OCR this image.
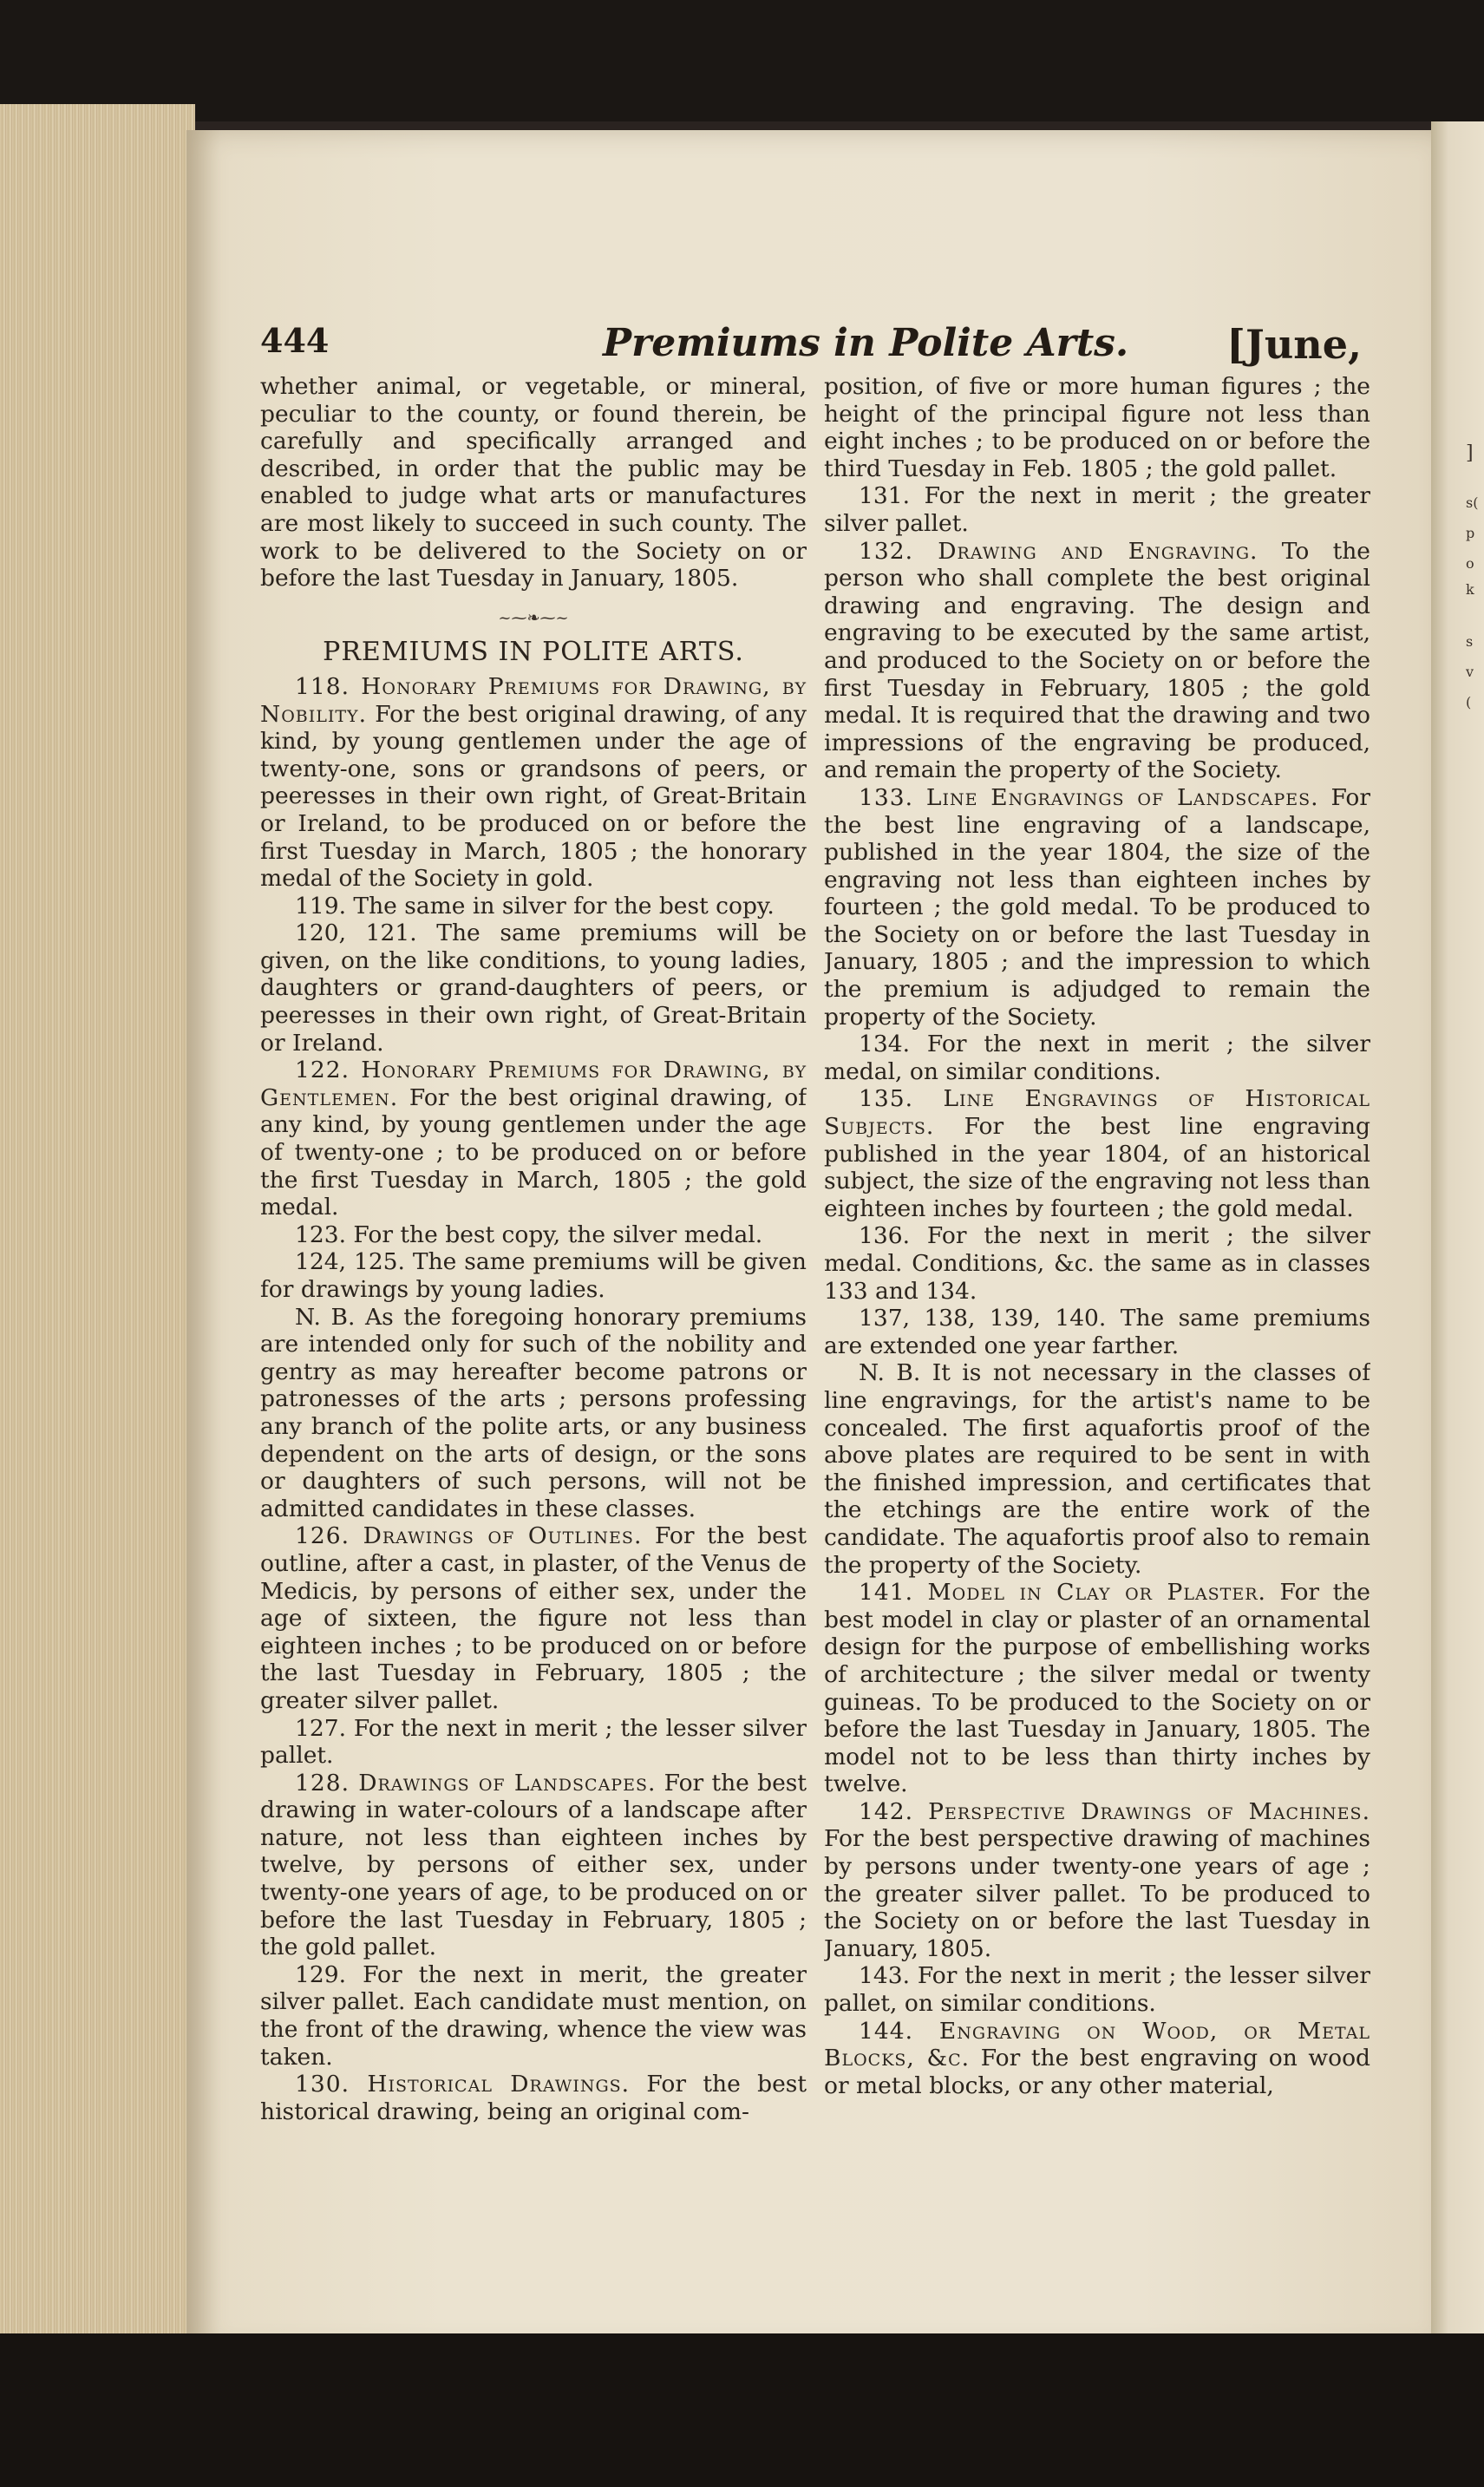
]
s(
p
o
k
s
v
(
444	Premiums in Polite Arts. [June,

whether animal, or vegetable, or mineral, peculiar to the county, or found therein, be carefully and specifically arranged and described, in order that the public may be enabled to judge what arts or manufactures are most likely to succeed in such county. The work to be delivered to the Society on or before the last Tuesday in January, 1805.

~⁓❧⁓~
PREMIUMS IN POLITE ARTS.

118. Honorary Premiums for Drawing, by Nobility. For the best original drawing, of any kind, by young gentlemen under the age of twenty-one, sons or grandsons of peers, or peeresses in their own right, of Great-Britain or Ireland, to be produced on or before the first Tuesday in March, 1805 ; the honorary medal of the Society in gold.

119. The same in silver for the best copy.

120, 121. The same premiums will be given, on the like conditions, to young ladies, daughters or grand-daughters of peers, or peeresses in their own right, of Great-Britain or Ireland.

122. Honorary Premiums for Drawing, by Gentlemen. For the best original drawing, of any kind, by young gentlemen under the age of twenty-one ; to be produced on or before the first Tuesday in March, 1805 ; the gold medal.

123. For the best copy, the silver medal.

124, 125. The same premiums will be given for drawings by young ladies.

N. B. As the foregoing honorary premiums are intended only for such of the nobility and gentry as may hereafter become patrons or patronesses of the arts ; persons professing any branch of the polite arts, or any business dependent on the arts of design, or the sons or daughters of such persons, will not be admitted candidates in these classes.

126. Drawings of Outlines. For the best outline, after a cast, in plaster, of the Venus de Medicis, by persons of either sex, under the age of sixteen, the figure not less than eighteen inches ; to be produced on or before the last Tuesday in February, 1805 ; the greater silver pallet.

127. For the next in merit ; the lesser silver pallet.

128. Drawings of Landscapes. For the best drawing in water-colours of a landscape after nature, not less than eighteen inches by twelve, by persons of either sex, under twenty-one years of age, to be produced on or before the last Tuesday in February, 1805 ; the gold pallet.

129. For the next in merit, the greater silver pallet. Each candidate must mention, on the front of the drawing, whence the view was taken.

130. Historical Drawings. For the best historical drawing, being an original com-

position, of five or more human figures ; the height of the principal figure not less than eight inches ; to be produced on or before the third Tuesday in Feb. 1805 ; the gold pallet.

131. For the next in merit ; the greater silver pallet.

132. Drawing and Engraving. To the person who shall complete the best original drawing and engraving. The design and engraving to be executed by the same artist, and produced to the Society on or before the first Tuesday in February, 1805 ; the gold medal. It is required that the drawing and two impressions of the engraving be produced, and remain the property of the Society.

133. Line Engravings of Landscapes. For the best line engraving of a landscape, published in the year 1804, the size of the engraving not less than eighteen inches by fourteen ; the gold medal. To be produced to the Society on or before the last Tuesday in January, 1805 ; and the impression to which the premium is adjudged to remain the property of the Society.

134. For the next in merit ; the silver medal, on similar conditions.

135. Line Engravings of Historical Subjects. For the best line engraving published in the year 1804, of an historical subject, the size of the engraving not less than eighteen inches by fourteen ; the gold medal.

136. For the next in merit ; the silver medal. Conditions, &c. the same as in classes 133 and 134.

137, 138, 139, 140. The same premiums are extended one year farther.

N. B. It is not necessary in the classes of line engravings, for the artist's name to be concealed. The first aquafortis proof of the above plates are required to be sent in with the finished impression, and certificates that the etchings are the entire work of the candidate. The aquafortis proof also to remain the property of the Society.

141. Model in Clay or Plaster. For the best model in clay or plaster of an ornamental design for the purpose of embellishing works of architecture ; the silver medal or twenty guineas. To be produced to the Society on or before the last Tuesday in January, 1805. The model not to be less than thirty inches by twelve.

142. Perspective Drawings of Machines. For the best perspective drawing of machines by persons under twenty-one years of age ; the greater silver pallet. To be produced to the Society on or before the last Tuesday in January, 1805.

143. For the next in merit ; the lesser silver pallet, on similar conditions.

144. Engraving on Wood, or Metal Blocks, &c. For the best engraving on wood or metal blocks, or any other material,
